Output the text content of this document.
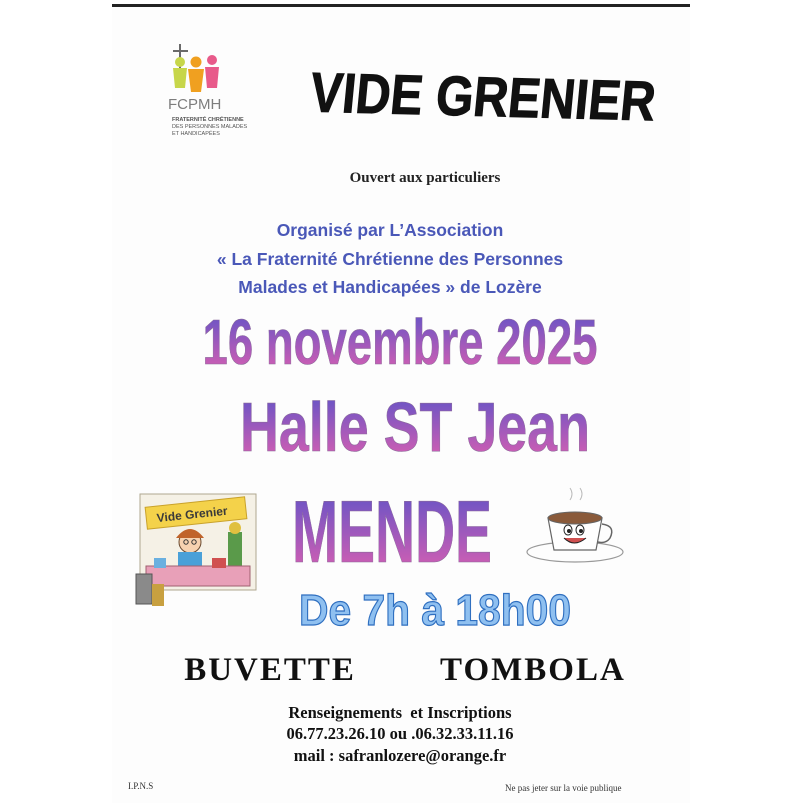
FCPMH
FRATERNITÉ CHRÉTIENNE
DES PERSONNES MALADES
ET HANDICAPÉES
VIDE GRENIER
Ouvert aux particuliers
Organisé par L’Association
« La Fraternité Chrétienne des Personnes
Malades et Handicapées » de Lozère
16 novembre 2025
Halle ST Jean
MENDE
De 7h à 18h00
BUVETTE   TOMBOLA
Renseignements  et Inscriptions
06.77.23.26.10 ou .06.32.33.11.16
mail : safranlozere@orange.fr
I.P.N.S	Ne pas jeter sur la voie publique
Vide Grenier
